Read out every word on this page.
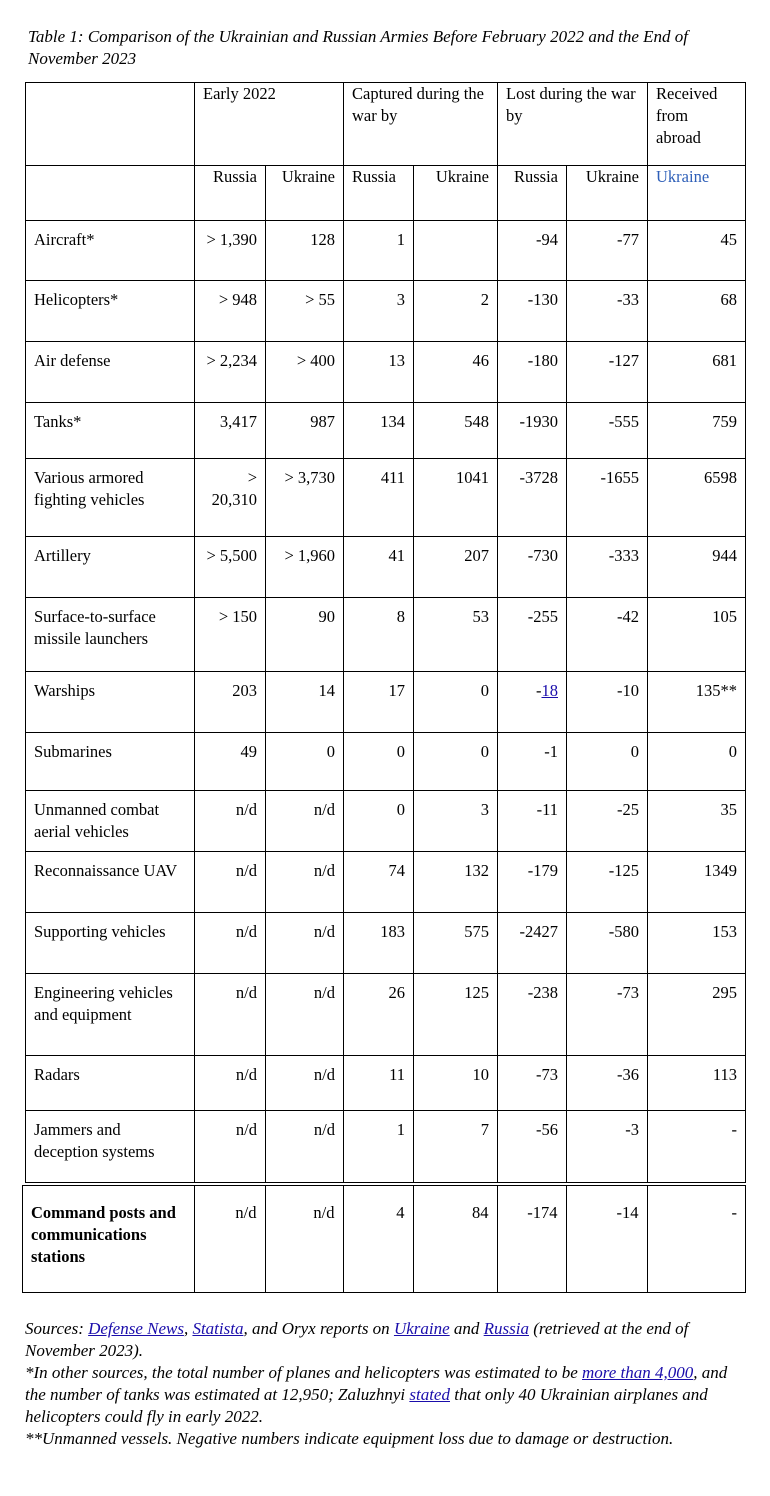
Table 1: Comparison of the Ukrainian and Russian Armies Before February 2022 and the End of November 2023
	Early 2022		Captured during the war by		Lost during the war by		Received from abroad
	Russia	Ukraine	Russia	Ukraine	Russia	Ukraine	Ukraine
Aircraft*	> 1,390	128	1		-94	-77	45
Helicopters*	> 948	> 55	3	2	-130	-33	68
Air defense	> 2,234	> 400	13	46	-180	-127	681
Tanks*	3,417	987	134	548	-1930	-555	759
Various armored fighting vehicles	> 20,310	> 3,730	411	1041	-3728	-1655	6598
Artillery	> 5,500	> 1,960	41	207	-730	-333	944
Surface-to-surface missile launchers	> 150	90	8	53	-255	-42	105
Warships	203	14	17	0	-18	-10	135**
Submarines	49	0	0	0	-1	0	0
Unmanned combat aerial vehicles	n/d	n/d	0	3	-11	-25	35
Reconnaissance UAV	n/d	n/d	74	132	-179	-125	1349
Supporting vehicles	n/d	n/d	183	575	-2427	-580	153
Engineering vehicles and equipment	n/d	n/d	26	125	-238	-73	295
Radars	n/d	n/d	11	10	-73	-36	113
Jammers and deception systems	n/d	n/d	1	7	-56	-3	-
Command posts and communications stations	n/d	n/d	4	84	-174	-14	-

Sources: Defense News, Statista, and Oryx reports on Ukraine and Russia (retrieved at the end of November 2023).

*In other sources, the total number of planes and helicopters was estimated to be more than 4,000, and the number of tanks was estimated at 12,950; Zaluzhnyi stated that only 40 Ukrainian airplanes and helicopters could fly in early 2022.

**Unmanned vessels. Negative numbers indicate equipment loss due to damage or destruction.
